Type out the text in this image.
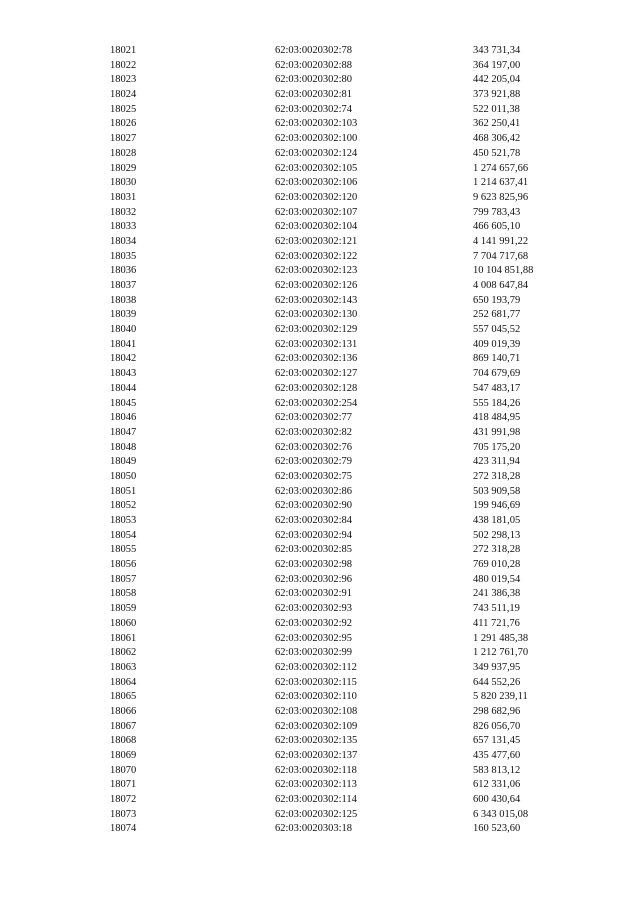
18021	62:03:0020302:78	343 731,34
18022	62:03:0020302:88	364 197,00
18023	62:03:0020302:80	442 205,04
18024	62:03:0020302:81	373 921,88
18025	62:03:0020302:74	522 011,38
18026	62:03:0020302:103	362 250,41
18027	62:03:0020302:100	468 306,42
18028	62:03:0020302:124	450 521,78
18029	62:03:0020302:105	1 274 657,66
18030	62:03:0020302:106	1 214 637,41
18031	62:03:0020302:120	9 623 825,96
18032	62:03:0020302:107	799 783,43
18033	62:03:0020302:104	466 605,10
18034	62:03:0020302:121	4 141 991,22
18035	62:03:0020302:122	7 704 717,68
18036	62:03:0020302:123	10 104 851,88
18037	62:03:0020302:126	4 008 647,84
18038	62:03:0020302:143	650 193,79
18039	62:03:0020302:130	252 681,77
18040	62:03:0020302:129	557 045,52
18041	62:03:0020302:131	409 019,39
18042	62:03:0020302:136	869 140,71
18043	62:03:0020302:127	704 679,69
18044	62:03:0020302:128	547 483,17
18045	62:03:0020302:254	555 184,26
18046	62:03:0020302:77	418 484,95
18047	62:03:0020302:82	431 991,98
18048	62:03:0020302:76	705 175,20
18049	62:03:0020302:79	423 311,94
18050	62:03:0020302:75	272 318,28
18051	62:03:0020302:86	503 909,58
18052	62:03:0020302:90	199 946,69
18053	62:03:0020302:84	438 181,05
18054	62:03:0020302:94	502 298,13
18055	62:03:0020302:85	272 318,28
18056	62:03:0020302:98	769 010,28
18057	62:03:0020302:96	480 019,54
18058	62:03:0020302:91	241 386,38
18059	62:03:0020302:93	743 511,19
18060	62:03:0020302:92	411 721,76
18061	62:03:0020302:95	1 291 485,38
18062	62:03:0020302:99	1 212 761,70
18063	62:03:0020302:112	349 937,95
18064	62:03:0020302:115	644 552,26
18065	62:03:0020302:110	5 820 239,11
18066	62:03:0020302:108	298 682,96
18067	62:03:0020302:109	826 056,70
18068	62:03:0020302:135	657 131,45
18069	62:03:0020302:137	435 477,60
18070	62:03:0020302:118	583 813,12
18071	62:03:0020302:113	612 331,06
18072	62:03:0020302:114	600 430,64
18073	62:03:0020302:125	6 343 015,08
18074	62:03:0020303:18	160 523,60
